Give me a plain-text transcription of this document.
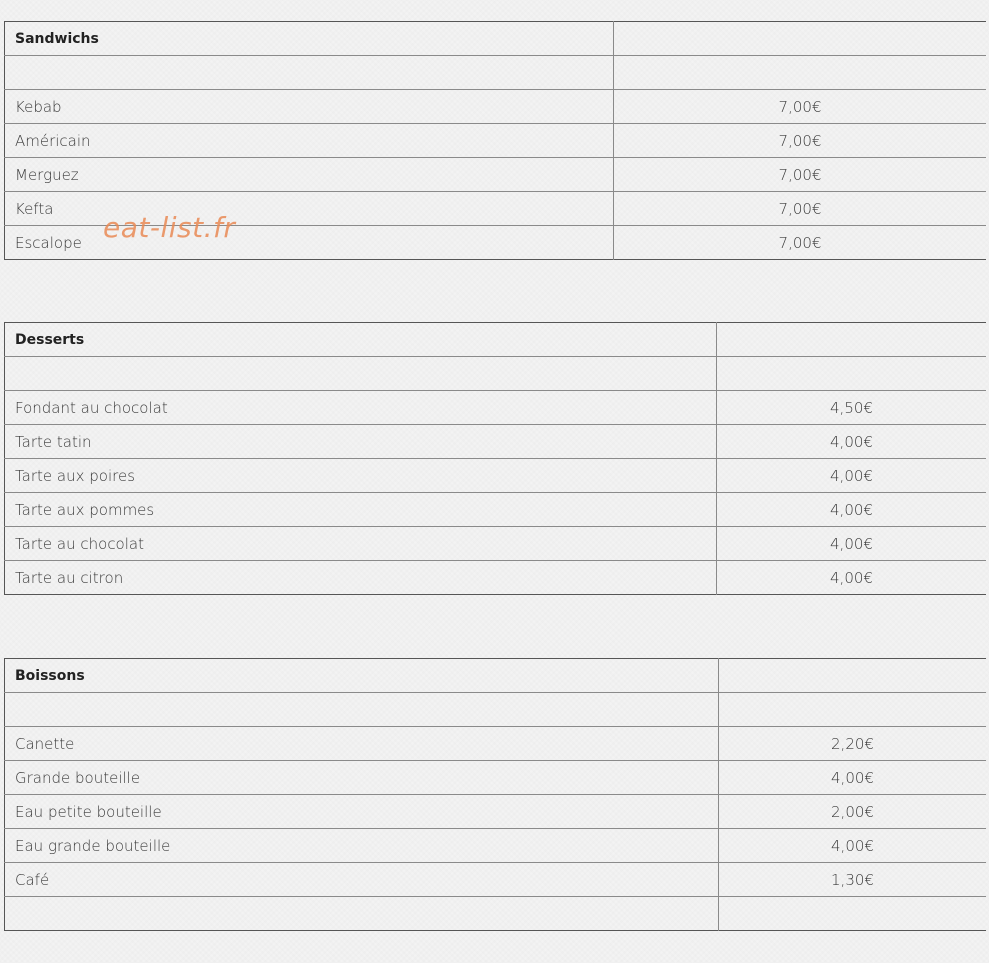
Sandwichs	

Kebab	7,00€
Américain	7,00€
Merguez	7,00€
Kefta	7,00€
Escalope	7,00€
Desserts	

Fondant au chocolat	4,50€
Tarte tatin	4,00€
Tarte aux poires	4,00€
Tarte aux pommes	4,00€
Tarte au chocolat	4,00€
Tarte au citron	4,00€
Boissons	

Canette	2,20€
Grande bouteille	4,00€
Eau petite bouteille	2,00€
Eau grande bouteille	4,00€
Café	1,30€

eat-list.fr
